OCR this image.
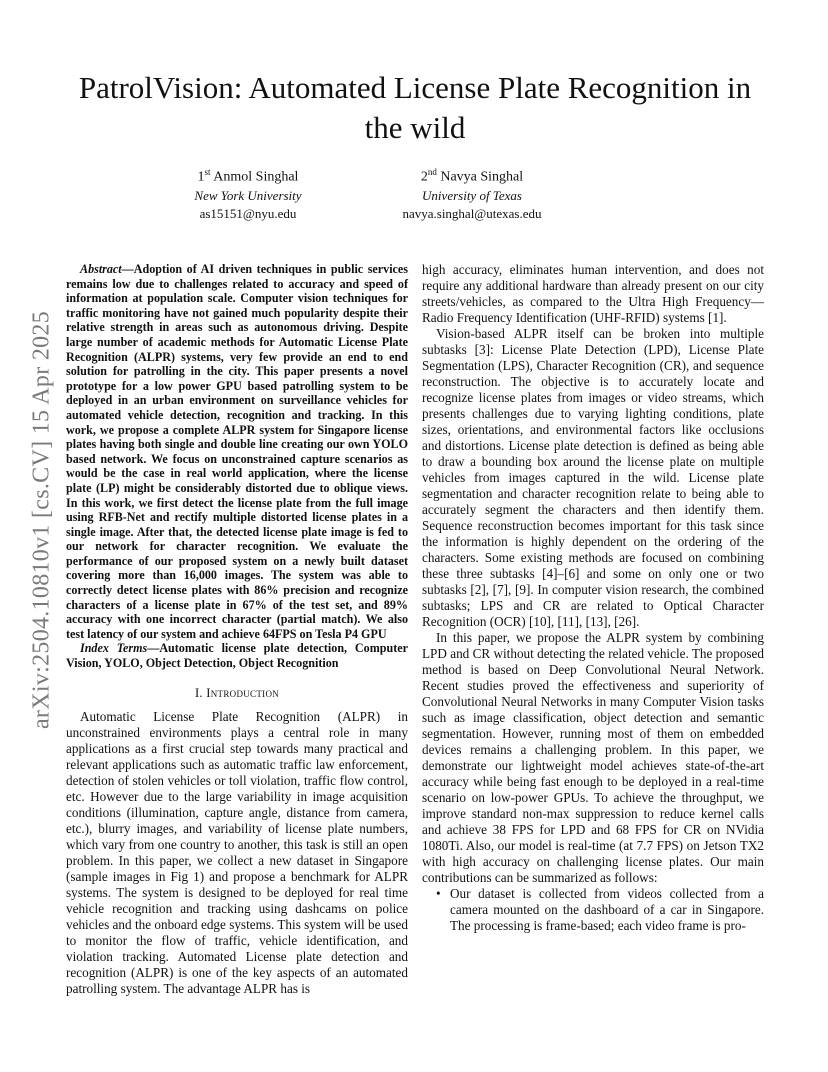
arXiv:2504.10810v1 [cs.CV] 15 Apr 2025
PatrolVision: Automated License Plate Recognition in the wild
1st Anmol Singhal
New York University
as15151@nyu.edu
2nd Navya Singhal
University of Texas
navya.singhal@utexas.edu

Abstract—Adoption of AI driven techniques in public services remains low due to challenges related to accuracy and speed of information at population scale. Computer vision techniques for traffic monitoring have not gained much popularity despite their relative strength in areas such as autonomous driving. Despite large number of academic methods for Automatic License Plate Recognition (ALPR) systems, very few provide an end to end solution for patrolling in the city. This paper presents a novel prototype for a low power GPU based patrolling system to be deployed in an urban environment on surveillance vehicles for automated vehicle detection, recognition and tracking. In this work, we propose a complete ALPR system for Singapore license plates having both single and double line creating our own YOLO based network. We focus on unconstrained capture scenarios as would be the case in real world application, where the license plate (LP) might be considerably distorted due to oblique views. In this work, we first detect the license plate from the full image using RFB-Net and rectify multiple distorted license plates in a single image. After that, the detected license plate image is fed to our network for character recognition. We evaluate the performance of our proposed system on a newly built dataset covering more than 16,000 images. The system was able to correctly detect license plates with 86% precision and recognize characters of a license plate in 67% of the test set, and 89% accuracy with one incorrect character (partial match). We also test latency of our system and achieve 64FPS on Tesla P4 GPU

Index Terms—Automatic license plate detection, Computer Vision, YOLO, Object Detection, Object Recognition

I. Introduction

Automatic License Plate Recognition (ALPR) in unconstrained environments plays a central role in many applications as a first crucial step towards many practical and relevant applications such as automatic traffic law enforcement, detection of stolen vehicles or toll violation, traffic flow control, etc. However due to the large variability in image acquisition conditions (illumination, capture angle, distance from camera, etc.), blurry images, and variability of license plate numbers, which vary from one country to another, this task is still an open problem. In this paper, we collect a new dataset in Singapore (sample images in Fig 1) and propose a benchmark for ALPR systems. The system is designed to be deployed for real time vehicle recognition and tracking using dashcams on police vehicles and the onboard edge systems. This system will be used to monitor the flow of traffic, vehicle identification, and violation tracking. Automated License plate detection and recognition (ALPR) is one of the key aspects of an automated patrolling system. The advantage ALPR has is

high accuracy, eliminates human intervention, and does not require any additional hardware than already present on our city streets/vehicles, as compared to the Ultra High Frequency—Radio Frequency Identification (UHF-RFID) systems [1].

Vision-based ALPR itself can be broken into multiple subtasks [3]: License Plate Detection (LPD), License Plate Segmentation (LPS), Character Recognition (CR), and sequence reconstruction. The objective is to accurately locate and recognize license plates from images or video streams, which presents challenges due to varying lighting conditions, plate sizes, orientations, and environmental factors like occlusions and distortions. License plate detection is defined as being able to draw a bounding box around the license plate on multiple vehicles from images captured in the wild. License plate segmentation and character recognition relate to being able to accurately segment the characters and then identify them. Sequence reconstruction becomes important for this task since the information is highly dependent on the ordering of the characters. Some existing methods are focused on combining these three subtasks [4]–[6] and some on only one or two subtasks [2], [7], [9]. In computer vision research, the combined subtasks; LPS and CR are related to Optical Character Recognition (OCR) [10], [11], [13], [26].

In this paper, we propose the ALPR system by combining LPD and CR without detecting the related vehicle. The proposed method is based on Deep Convolutional Neural Network. Recent studies proved the effectiveness and superiority of Convolutional Neural Networks in many Computer Vision tasks such as image classification, object detection and semantic segmentation. However, running most of them on embedded devices remains a challenging problem. In this paper, we demonstrate our lightweight model achieves state-of-the-art accuracy while being fast enough to be deployed in a real-time scenario on low-power GPUs. To achieve the throughput, we improve standard non-max suppression to reduce kernel calls and achieve 38 FPS for LPD and 68 FPS for CR on NVidia 1080Ti. Also, our model is real-time (at 7.7 FPS) on Jetson TX2 with high accuracy on challenging license plates. Our main contributions can be summarized as follows:

• Our dataset is collected from videos collected from a camera mounted on the dashboard of a car in Singapore. The processing is frame-based; each video frame is pro-
